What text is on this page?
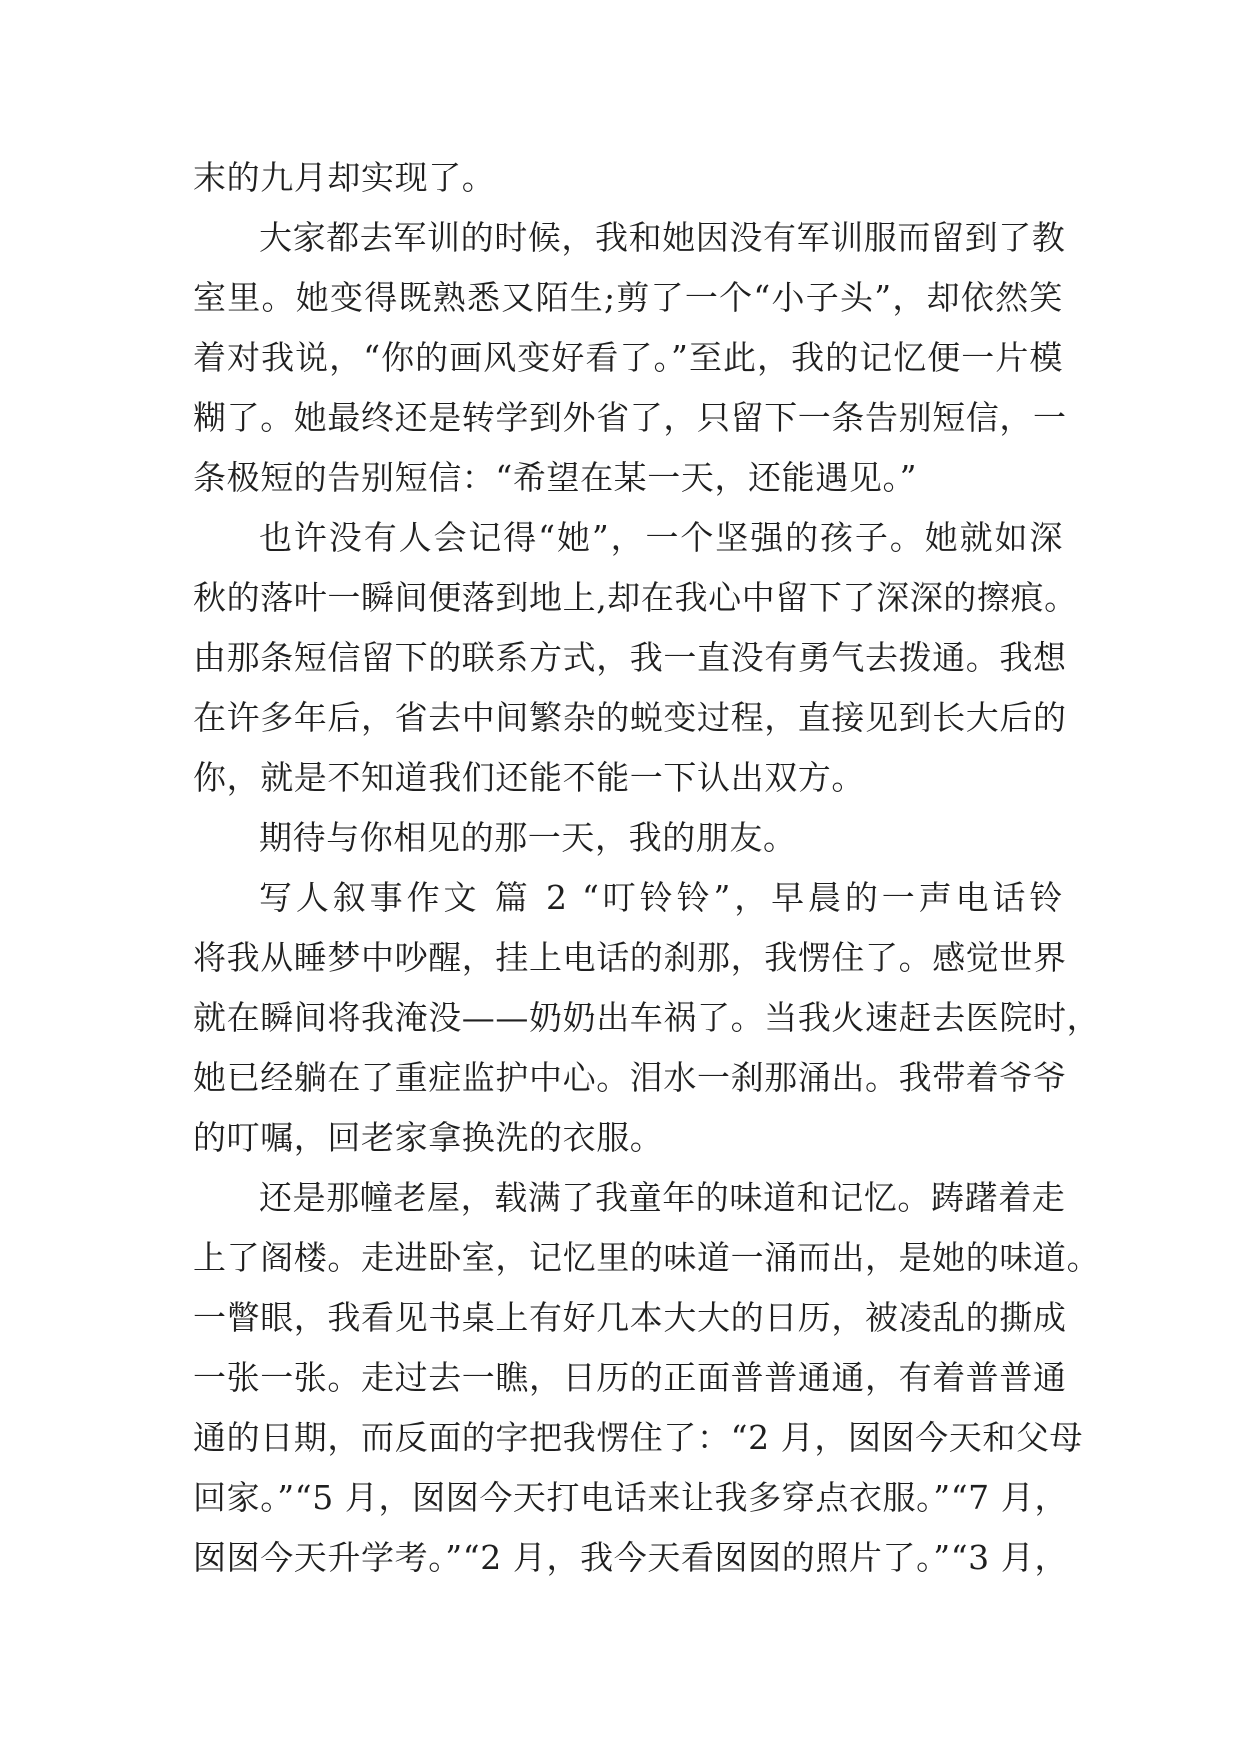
末的九月却实现了。
大家都去军训的时候，我和她因没有军训服而留到了教
室里。她变得既熟悉又陌生;剪了一个“小子头”，却依然笑
着对我说，“你的画风变好看了。”至此，我的记忆便一片模
糊了。她最终还是转学到外省了，只留下一条告别短信，一
条极短的告别短信：“希望在某一天，还能遇见。”
也许没有人会记得“她”，一个坚强的孩子。她就如深
秋的落叶一瞬间便落到地上,却在我心中留下了深深的擦痕。
由那条短信留下的联系方式，我一直没有勇气去拨通。我想
在许多年后，省去中间繁杂的蜕变过程，直接见到长大后的
你，就是不知道我们还能不能一下认出双方。
期待与你相见的那一天，我的朋友。
写人叙事作文 篇 2 “叮铃铃”，早晨的一声电话铃
将我从睡梦中吵醒，挂上电话的刹那，我愣住了。感觉世界
就在瞬间将我淹没——奶奶出车祸了。当我火速赶去医院时，
她已经躺在了重症监护中心。泪水一刹那涌出。我带着爷爷
的叮嘱，回老家拿换洗的衣服。
还是那幢老屋，载满了我童年的味道和记忆。踌躇着走
上了阁楼。走进卧室，记忆里的味道一涌而出，是她的味道。
一瞥眼，我看见书桌上有好几本大大的日历，被凌乱的撕成
一张一张。走过去一瞧，日历的正面普普通通，有着普普通
通的日期，而反面的字把我愣住了：“2 月，囡囡今天和父母
回家。”“5 月，囡囡今天打电话来让我多穿点衣服。”“7 月，
囡囡今天升学考。”“2 月，我今天看囡囡的照片了。”“3 月，
